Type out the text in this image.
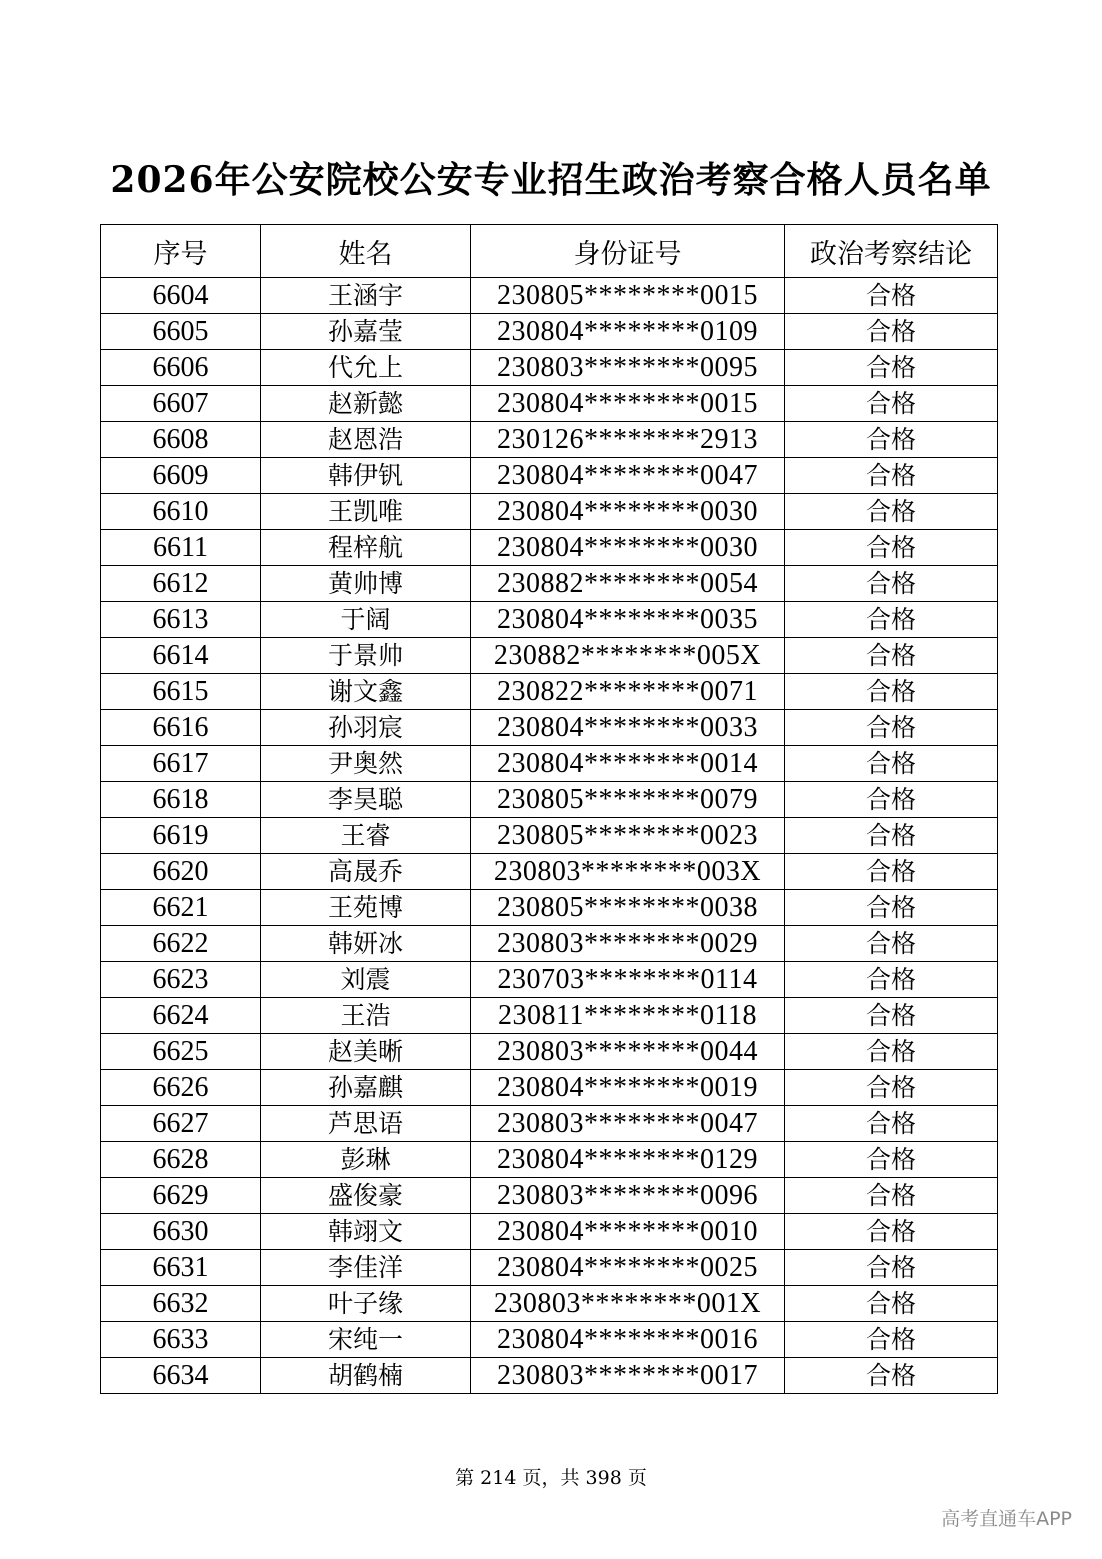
2026年公安院校公安专业招生政治考察合格人员名单
序号	姓名	身份证号	政治考察结论
6604	王涵宇	230805********0015	合格
6605	孙嘉莹	230804********0109	合格
6606	代允上	230803********0095	合格
6607	赵新懿	230804********0015	合格
6608	赵恩浩	230126********2913	合格
6609	韩伊钒	230804********0047	合格
6610	王凯唯	230804********0030	合格
6611	程梓航	230804********0030	合格
6612	黄帅博	230882********0054	合格
6613	于阔	230804********0035	合格
6614	于景帅	230882********005X	合格
6615	谢文鑫	230822********0071	合格
6616	孙羽宸	230804********0033	合格
6617	尹奥然	230804********0014	合格
6618	李昊聪	230805********0079	合格
6619	王睿	230805********0023	合格
6620	高晟乔	230803********003X	合格
6621	王苑博	230805********0038	合格
6622	韩妍冰	230803********0029	合格
6623	刘震	230703********0114	合格
6624	王浩	230811********0118	合格
6625	赵美晰	230803********0044	合格
6626	孙嘉麒	230804********0019	合格
6627	芦思语	230803********0047	合格
6628	彭琳	230804********0129	合格
6629	盛俊豪	230803********0096	合格
6630	韩翊文	230804********0010	合格
6631	李佳洋	230804********0025	合格
6632	叶子缘	230803********001X	合格
6633	宋纯一	230804********0016	合格
6634	胡鹤楠	230803********0017	合格
第 214 页，共 398 页
高考直通车APP
